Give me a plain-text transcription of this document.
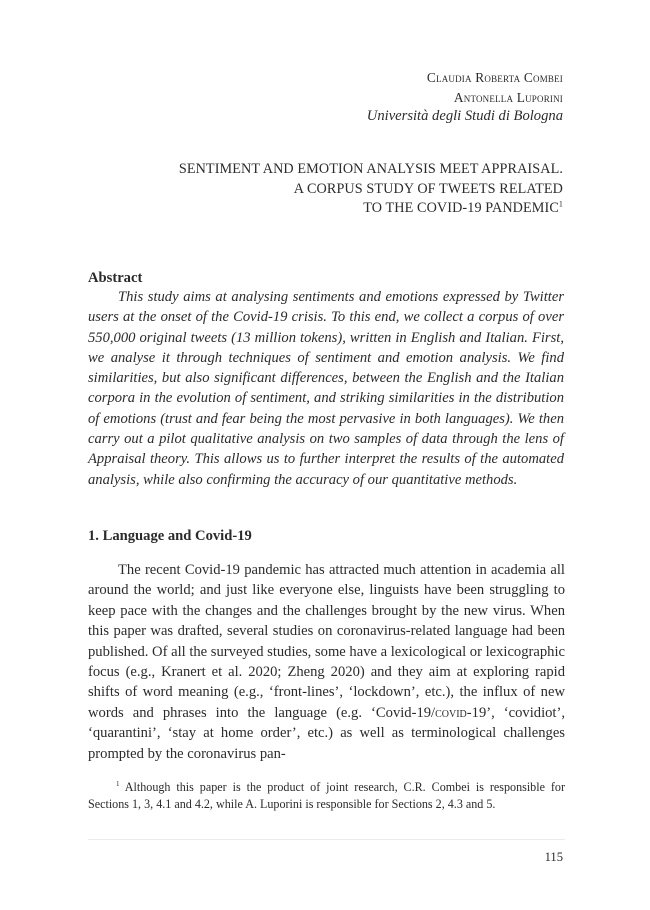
Claudia Roberta Combei
Antonella Luporini
Università degli Studi di Bologna
SENTIMENT AND EMOTION ANALYSIS MEET APPRAISAL.
A CORPUS STUDY OF TWEETS RELATED
TO THE COVID-19 PANDEMIC$^1$
Abstract

This study aims at analysing sentiments and emotions expressed by Twitter users at the onset of the Covid-19 crisis. To this end, we collect a corpus of over 550,000 original tweets (13 million tokens), written in English and Italian. First, we analyse it through techniques of sentiment and emotion analysis. We find similarities, but also significant differences, between the English and the Italian corpora in the evolution of sentiment, and striking similarities in the distribution of emotions (trust and fear being the most pervasive in both languages). We then carry out a pilot qualitative analysis on two samples of data through the lens of Appraisal theory. This allows us to further interpret the results of the automated analysis, while also confirming the accuracy of our quantitative methods.

1. Language and Covid-19

The recent Covid-19 pandemic has attracted much attention in academia all around the world; and just like everyone else, linguists have been struggling to keep pace with the changes and the challenges brought by the new virus. When this paper was drafted, several studies on coronavirus-related language had been published. Of all the surveyed studies, some have a lexicological or lexicographic focus (e.g., Kranert et al. 2020; Zheng 2020) and they aim at exploring rapid shifts of word meaning (e.g., ‘front-lines’, ‘lockdown’, etc.), the influx of new words and phrases into the language (e.g. ‘Covid-19/covid-19’, ‘covidiot’, ‘quarantini’, ‘stay at home order’, etc.) as well as terminological challenges prompted by the coronavirus pan-

$^1$ Although this paper is the product of joint research, C.R. Combei is responsible for Sections 1, 3, 4.1 and 4.2, while A. Luporini is responsible for Sections 2, 4.3 and 5.

115
